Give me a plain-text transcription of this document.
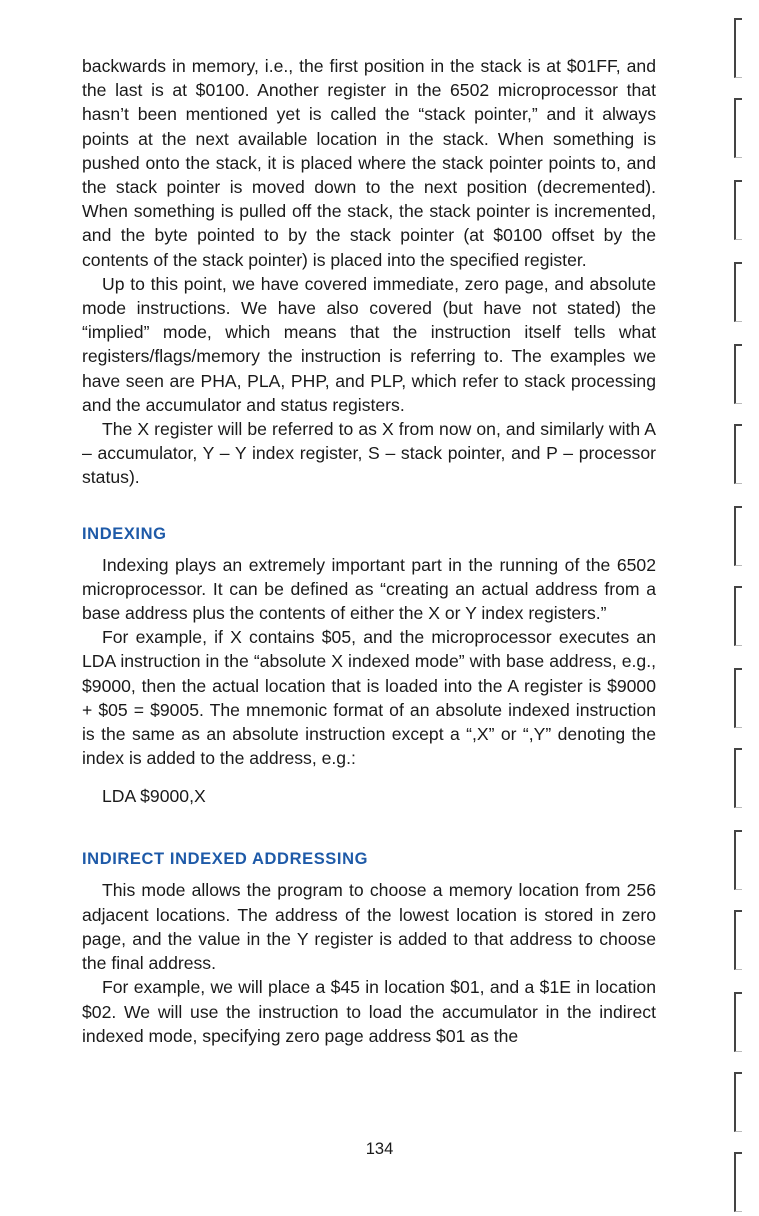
backwards in memory, i.e., the first position in the stack is at $01FF, and the last is at $0100. Another register in the 6502 microprocessor that hasn’t been mentioned yet is called the “stack pointer,” and it always points at the next available location in the stack. When something is pushed onto the stack, it is placed where the stack pointer points to, and the stack pointer is moved down to the next position (decremented). When something is pulled off the stack, the stack pointer is incremented, and the byte pointed to by the stack pointer (at $0100 offset by the contents of the stack pointer) is placed into the specified register.

Up to this point, we have covered immediate, zero page, and absolute mode instructions. We have also covered (but have not stated) the “implied” mode, which means that the instruction itself tells what registers/flags/memory the instruction is referring to. The examples we have seen are PHA, PLA, PHP, and PLP, which refer to stack processing and the accumulator and status registers.

The X register will be referred to as X from now on, and similarly with A – accumulator, Y – Y index register, S – stack pointer, and P – processor status).

INDEXING

Indexing plays an extremely important part in the running of the 6502 microprocessor. It can be defined as “creating an actual address from a base address plus the contents of either the X or Y index registers.”

For example, if X contains $05, and the microprocessor executes an LDA instruction in the “absolute X indexed mode” with base address, e.g., $9000, then the actual location that is loaded into the A register is $9000 + $05 = $9005. The mnemonic format of an absolute indexed instruction is the same as an absolute instruction except a “,X” or “,Y” denoting the index is added to the address, e.g.:

LDA $9000,X
INDIRECT INDEXED ADDRESSING

This mode allows the program to choose a memory location from 256 adjacent locations. The address of the lowest location is stored in zero page, and the value in the Y register is added to that address to choose the final address.

For example, we will place a $45 in location $01, and a $1E in location $02. We will use the instruction to load the accumulator in the indirect indexed mode, specifying zero page address $01 as the

134
